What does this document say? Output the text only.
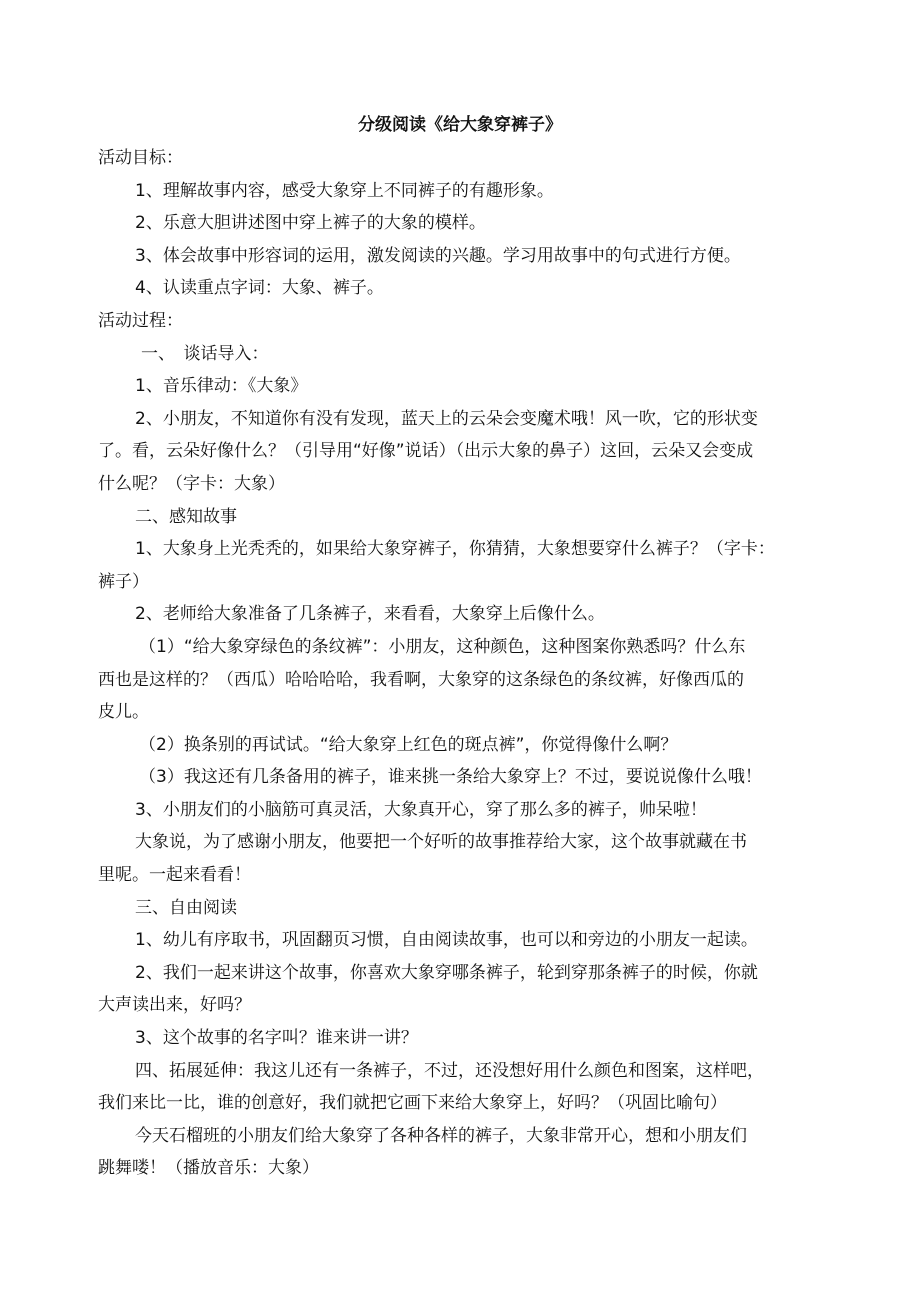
分级阅读《给大象穿裤子》

活动目标：

1、理解故事内容，感受大象穿上不同裤子的有趣形象。

2、乐意大胆讲述图中穿上裤子的大象的模样。

3、体会故事中形容词的运用，激发阅读的兴趣。学习用故事中的句式进行方便。

4、认读重点字词：大象、裤子。

活动过程：

一、　谈话导入：

1、音乐律动：《大象》

2、小朋友，不知道你有没有发现，蓝天上的云朵会变魔术哦！风一吹，它的形状变

了。看，云朵好像什么？（引导用“好像”说话）（出示大象的鼻子）这回，云朵又会变成

什么呢？（字卡：大象）

二、感知故事

1、大象身上光秃秃的，如果给大象穿裤子，你猜猜，大象想要穿什么裤子？（字卡：

裤子）

2、老师给大象准备了几条裤子，来看看，大象穿上后像什么。

（1）“给大象穿绿色的条纹裤”：小朋友，这种颜色，这种图案你熟悉吗？什么东

西也是这样的？（西瓜）哈哈哈哈，我看啊，大象穿的这条绿色的条纹裤，好像西瓜的

皮儿。

（2）换条别的再试试。“给大象穿上红色的斑点裤”，你觉得像什么啊？

（3）我这还有几条备用的裤子，谁来挑一条给大象穿上？不过，要说说像什么哦！

3、小朋友们的小脑筋可真灵活，大象真开心，穿了那么多的裤子，帅呆啦！

大象说，为了感谢小朋友，他要把一个好听的故事推荐给大家，这个故事就藏在书

里呢。一起来看看！

三、自由阅读

1、幼儿有序取书，巩固翻页习惯，自由阅读故事，也可以和旁边的小朋友一起读。

2、我们一起来讲这个故事，你喜欢大象穿哪条裤子，轮到穿那条裤子的时候，你就

大声读出来，好吗？

3、这个故事的名字叫？谁来讲一讲？

四、拓展延伸：我这儿还有一条裤子，不过，还没想好用什么颜色和图案，这样吧，

我们来比一比，谁的创意好，我们就把它画下来给大象穿上，好吗？（巩固比喻句）

今天石榴班的小朋友们给大象穿了各种各样的裤子，大象非常开心，想和小朋友们

跳舞喽！（播放音乐：大象）
